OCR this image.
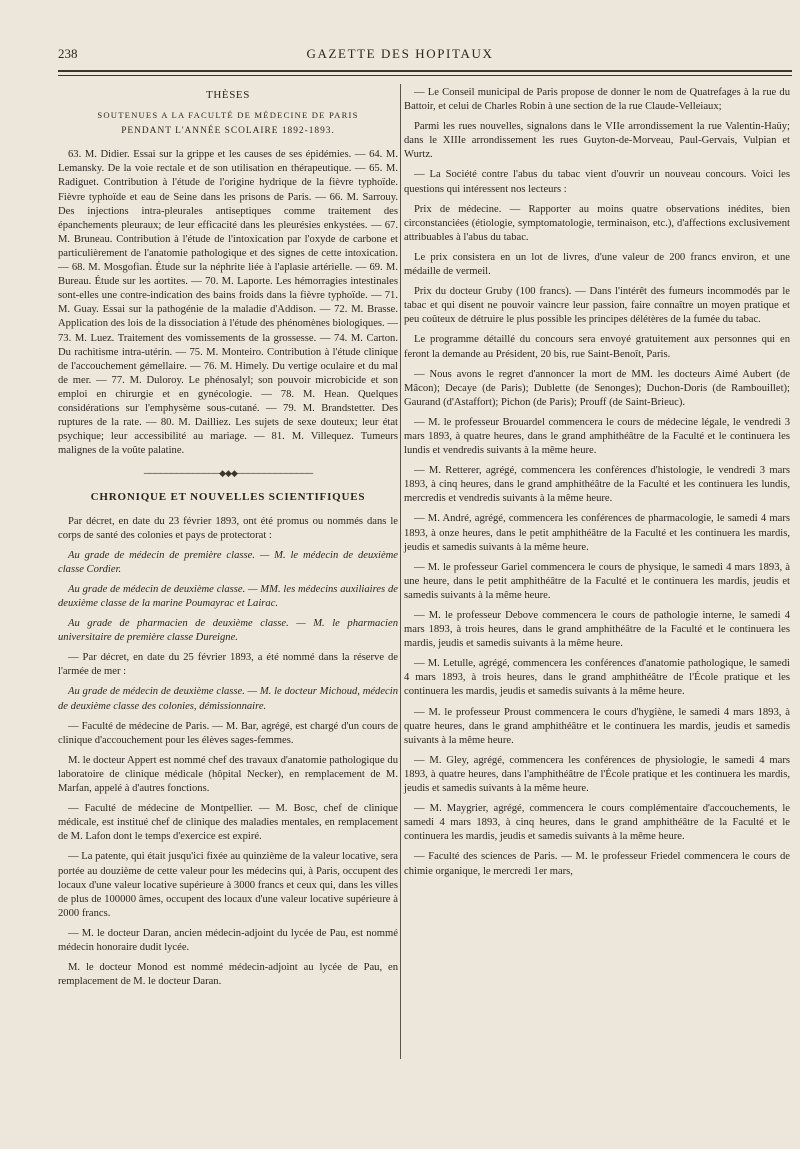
238	GAZETTE DES HOPITAUX
THÈSES
SOUTENUES A LA FACULTÉ DE MÉDECINE DE PARIS
PENDANT L'ANNÉE SCOLAIRE 1892-1893.

63. M. Didier. Essai sur la grippe et les causes de ses épidémies. — 64. M. Lemansky. De la voie rectale et de son utilisation en thérapeutique. — 65. M. Radiguet. Contribution à l'étude de l'origine hydrique de la fièvre typhoïde. Fièvre typhoïde et eau de Seine dans les prisons de Paris. — 66. M. Sarrouy. Des injections intra-pleurales antiseptiques comme traitement des épanchements pleuraux; de leur efficacité dans les pleurésies enkystées. — 67. M. Bruneau. Contribution à l'étude de l'intoxication par l'oxyde de carbone et particulièrement de l'anatomie pathologique et des signes de cette intoxication. — 68. M. Mosgofian. Étude sur la néphrite liée à l'aplasie artérielle. — 69. M. Bureau. Étude sur les aortites. — 70. M. Laporte. Les hémorragies intestinales sont-elles une contre-indication des bains froids dans la fièvre typhoïde. — 71. M. Guay. Essai sur la pathogénie de la maladie d'Addison. — 72. M. Brasse. Application des lois de la dissociation à l'étude des phénomènes biologiques. — 73. M. Luez. Traitement des vomissements de la grossesse. — 74. M. Carton. Du rachitisme intra-utérin. — 75. M. Monteiro. Contribution à l'étude clinique de l'accouchement gémellaire. — 76. M. Himely. Du vertige oculaire et du mal de mer. — 77. M. Duloroy. Le phénosalyl; son pouvoir microbicide et son emploi en chirurgie et en gynécologie. — 78. M. Hean. Quelques considérations sur l'emphysème sous-cutané. — 79. M. Brandstetter. Des ruptures de la rate. — 80. M. Dailliez. Les sujets de sexe douteux; leur état psychique; leur accessibilité au mariage. — 81. M. Villequez. Tumeurs malignes de la voûte palatine.

──────────────◆◆◆──────────────
CHRONIQUE ET NOUVELLES SCIENTIFIQUES

Par décret, en date du 23 février 1893, ont été promus ou nommés dans le corps de santé des colonies et pays de protectorat :

Au grade de médecin de première classe. — M. le médecin de deuxième classe Cordier.

Au grade de médecin de deuxième classe. — MM. les médecins auxiliaires de deuxième classe de la marine Poumayrac et Lairac.

Au grade de pharmacien de deuxième classe. — M. le pharmacien universitaire de première classe Dureigne.

— Par décret, en date du 25 février 1893, a été nommé dans la réserve de l'armée de mer :

Au grade de médecin de deuxième classe. — M. le docteur Michoud, médecin de deuxième classe des colonies, démissionnaire.

— Faculté de médecine de Paris. — M. Bar, agrégé, est chargé d'un cours de clinique d'accouchement pour les élèves sages-femmes.

M. le docteur Appert est nommé chef des travaux d'anatomie pathologique du laboratoire de clinique médicale (hôpital Necker), en remplacement de M. Marfan, appelé à d'autres fonctions.

— Faculté de médecine de Montpellier. — M. Bosc, chef de clinique médicale, est institué chef de clinique des maladies mentales, en remplacement de M. Lafon dont le temps d'exercice est expiré.

— La patente, qui était jusqu'ici fixée au quinzième de la valeur locative, sera portée au douzième de cette valeur pour les médecins qui, à Paris, occupent des locaux d'une valeur locative supérieure à 3000 francs et ceux qui, dans les villes de plus de 100000 âmes, occupent des locaux d'une valeur locative supérieure à 2000 francs.

— M. le docteur Daran, ancien médecin-adjoint du lycée de Pau, est nommé médecin honoraire dudit lycée.

M. le docteur Monod est nommé médecin-adjoint au lycée de Pau, en remplacement de M. le docteur Daran.

— Le Conseil municipal de Paris propose de donner le nom de Quatrefages à la rue du Battoir, et celui de Charles Robin à une section de la rue Claude-Velleiaux;

Parmi les rues nouvelles, signalons dans le VIIe arrondissement la rue Valentin-Haüy; dans le XIIIe arrondissement les rues Guyton-de-Morveau, Paul-Gervais, Vulpian et Wurtz.

— La Société contre l'abus du tabac vient d'ouvrir un nouveau concours. Voici les questions qui intéressent nos lecteurs :

Prix de médecine. — Rapporter au moins quatre observations inédites, bien circonstanciées (étiologie, symptomatologie, terminaison, etc.), d'affections exclusivement attribuables à l'abus du tabac.

Le prix consistera en un lot de livres, d'une valeur de 200 francs environ, et une médaille de vermeil.

Prix du docteur Gruby (100 francs). — Dans l'intérêt des fumeurs incommodés par le tabac et qui disent ne pouvoir vaincre leur passion, faire connaître un moyen pratique et peu coûteux de détruire le plus possible les principes délétères de la fumée du tabac.

Le programme détaillé du concours sera envoyé gratuitement aux personnes qui en feront la demande au Président, 20 bis, rue Saint-Benoît, Paris.

— Nous avons le regret d'annoncer la mort de MM. les docteurs Aimé Aubert (de Mâcon); Decaye (de Paris); Dublette (de Senonges); Duchon-Doris (de Rambouillet); Gaurand (d'Astaffort); Pichon (de Paris); Prouff (de Saint-Brieuc).

— M. le professeur Brouardel commencera le cours de médecine légale, le vendredi 3 mars 1893, à quatre heures, dans le grand amphithéâtre de la Faculté et le continuera les lundis et vendredis suivants à la même heure.

— M. Retterer, agrégé, commencera les conférences d'histologie, le vendredi 3 mars 1893, à cinq heures, dans le grand amphithéâtre de la Faculté et les continuera les lundis, mercredis et vendredis suivants à la même heure.

— M. André, agrégé, commencera les conférences de pharmacologie, le samedi 4 mars 1893, à onze heures, dans le petit amphithéâtre de la Faculté et les continuera les mardis, jeudis et samedis suivants à la même heure.

— M. le professeur Gariel commencera le cours de physique, le samedi 4 mars 1893, à une heure, dans le petit amphithéâtre de la Faculté et le continuera les mardis, jeudis et samedis suivants à la même heure.

— M. le professeur Debove commencera le cours de pathologie interne, le samedi 4 mars 1893, à trois heures, dans le grand amphithéâtre de la Faculté et le continuera les mardis, jeudis et samedis suivants à la même heure.

— M. Letulle, agrégé, commencera les conférences d'anatomie pathologique, le samedi 4 mars 1893, à trois heures, dans le grand amphithéâtre de l'École pratique et les continuera les mardis, jeudis et samedis suivants à la même heure.

— M. le professeur Proust commencera le cours d'hygiène, le samedi 4 mars 1893, à quatre heures, dans le grand amphithéâtre et le continuera les mardis, jeudis et samedis suivants à la même heure.

— M. Gley, agrégé, commencera les conférences de physiologie, le samedi 4 mars 1893, à quatre heures, dans l'amphithéâtre de l'École pratique et les continuera les mardis, jeudis et samedis suivants à la même heure.

— M. Maygrier, agrégé, commencera le cours complémentaire d'accouchements, le samedi 4 mars 1893, à cinq heures, dans le grand amphithéâtre de la Faculté et le continuera les mardis, jeudis et samedis suivants à la même heure.

— Faculté des sciences de Paris. — M. le professeur Friedel commencera le cours de chimie organique, le mercredi 1er mars,
